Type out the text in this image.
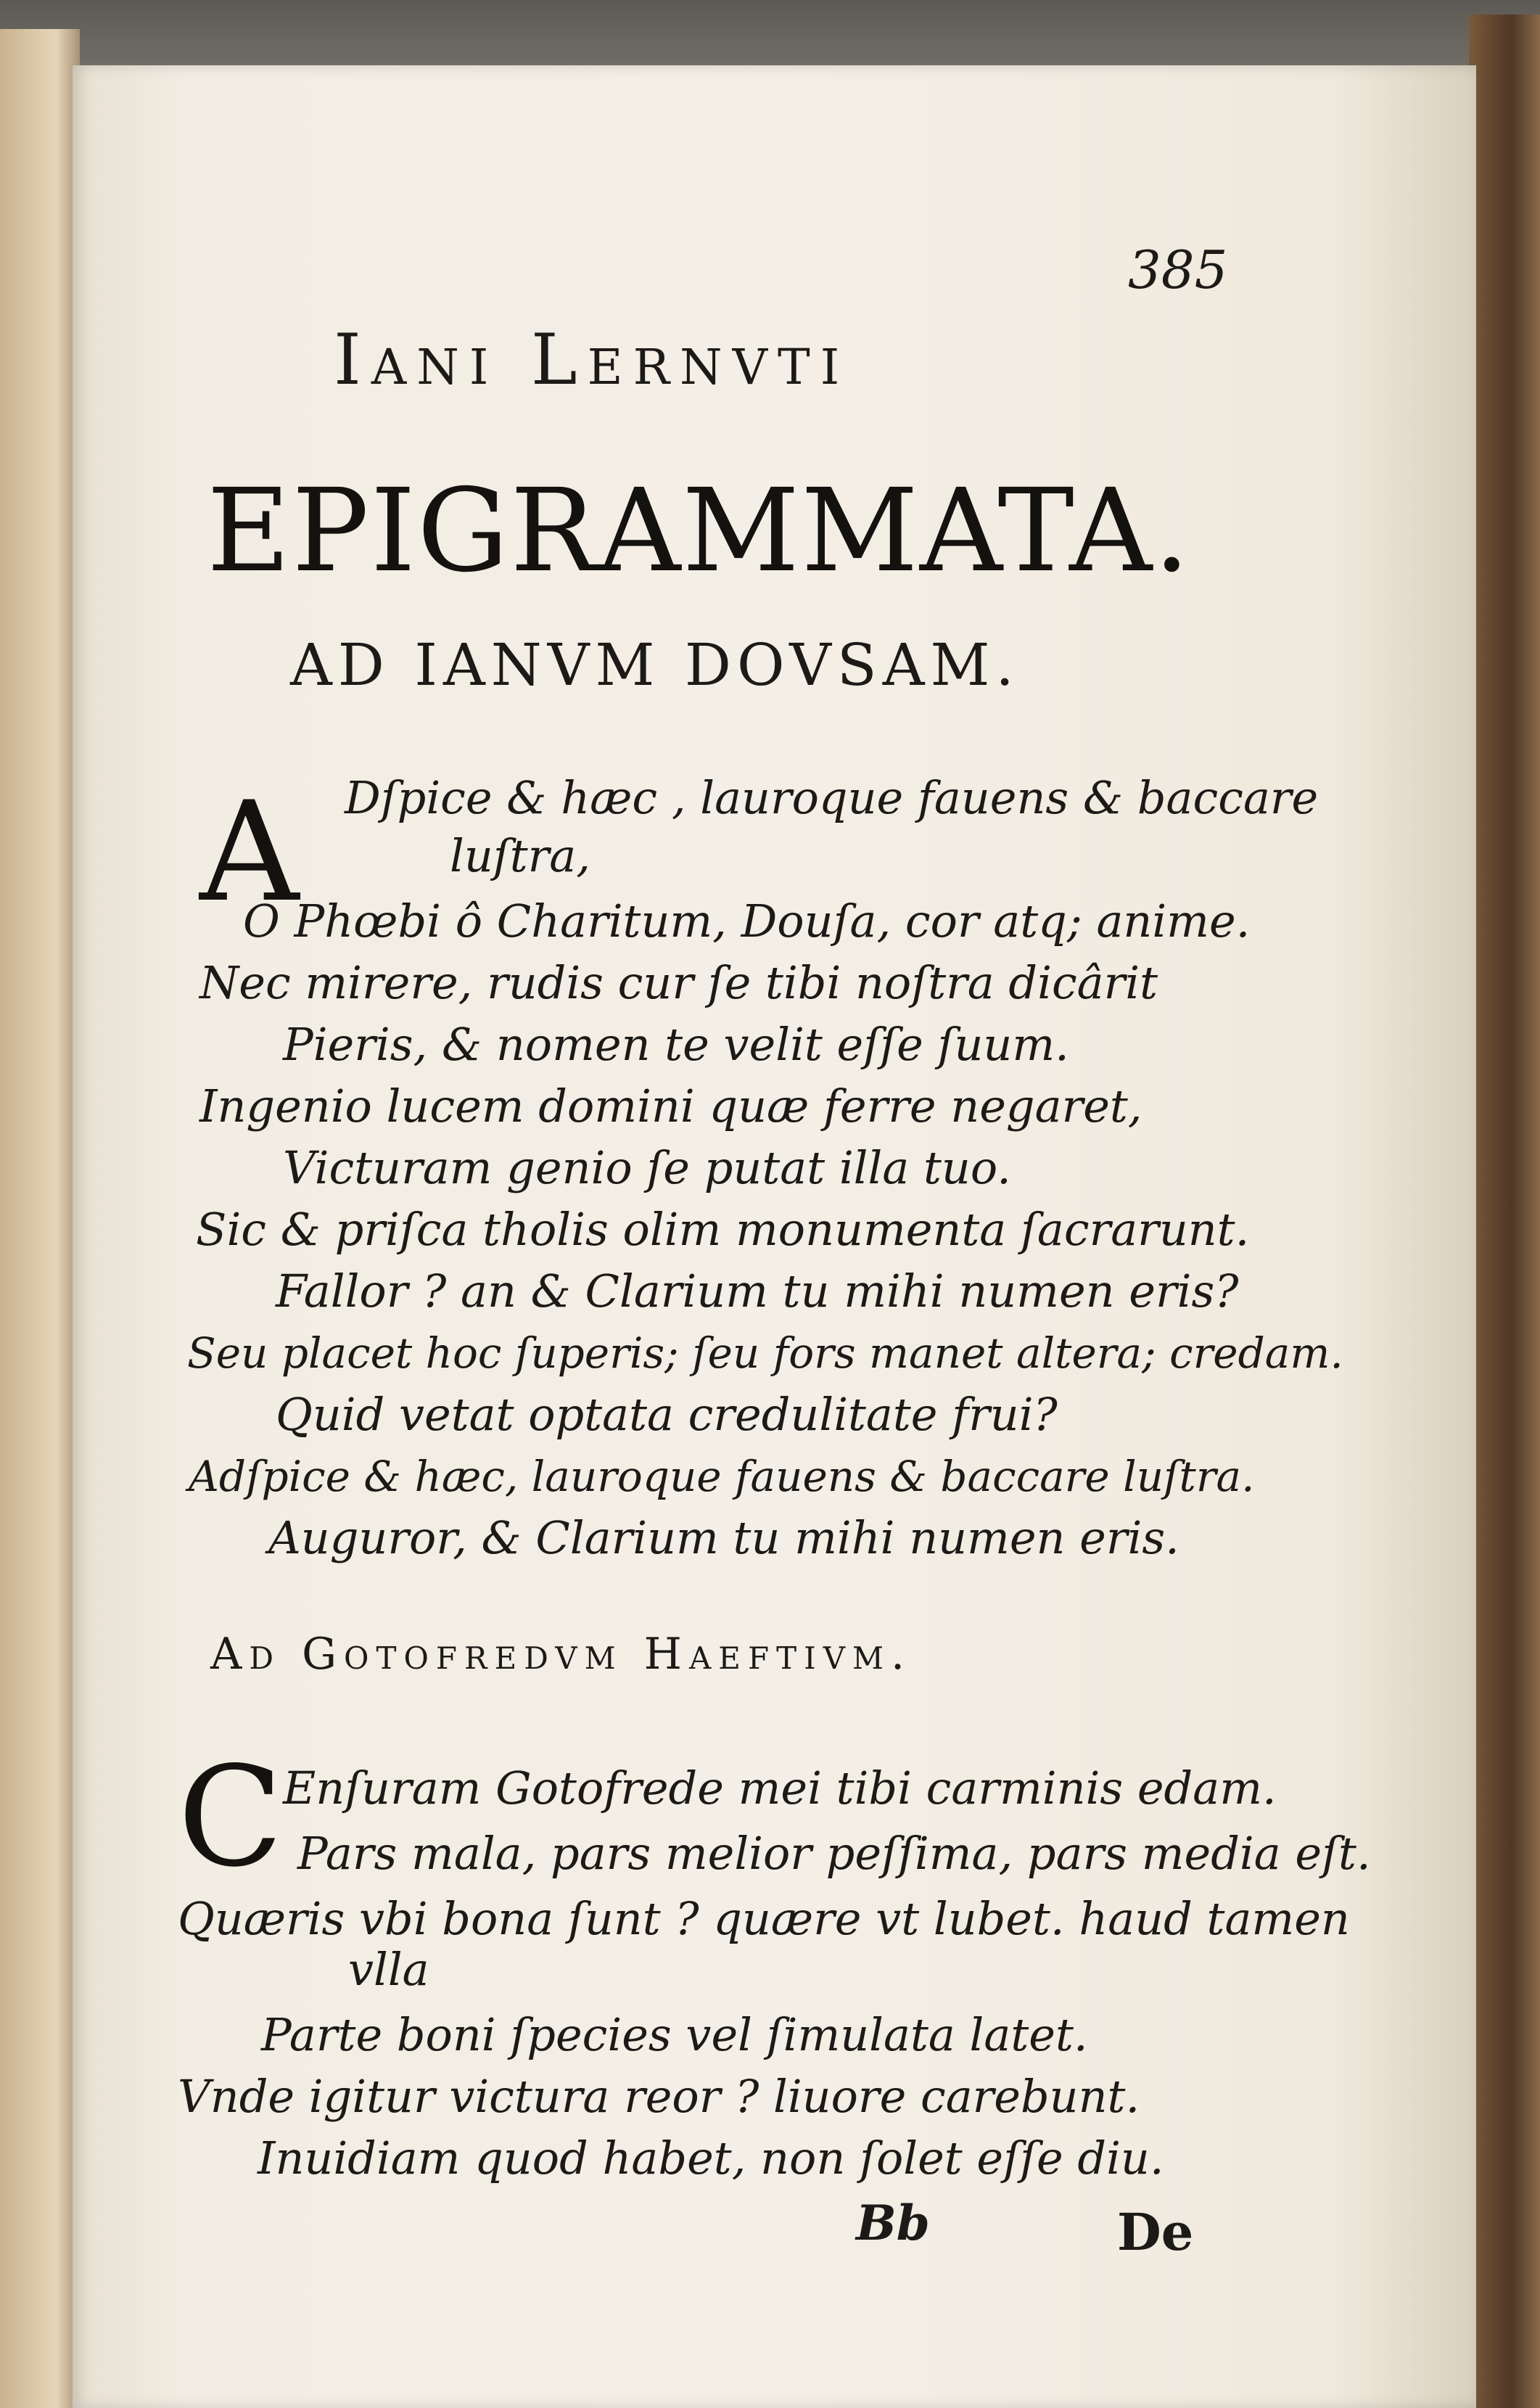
385
Iani Lernvti
EPIGRAMMATA.
AD IANVM DOVSAM.
A Dſpice & hæc , lauroque fauens & baccare
luſtra,
O Phœbi ô Charitum, Douſa, cor atq; anime.
Nec mirere, rudis cur ſe tibi noſtra dicârit
Pieris, & nomen te velit eſſe ſuum.
Ingenio lucem domini quæ ferre negaret,
Victuram genio ſe putat illa tuo.
Sic & priſca tholis olim monumenta ſacrarunt.
Fallor ? an & Clarium tu mihi numen eris?
Seu placet hoc ſuperis; ſeu fors manet altera; credam.
Quid vetat optata credulitate frui?
Adſpice & hæc, lauroque fauens & baccare luſtra.
Auguror, & Clarium tu mihi numen eris.
Ad Gotofredvm Haeftivm.
C Enſuram Gotofrede mei tibi carminis edam.
Pars mala, pars melior peſſima, pars media eſt.
Quæris vbi bona ſunt ? quære vt lubet. haud tamen
vlla
Parte boni ſpecies vel ſimulata latet.
Vnde igitur victura reor ? liuore carebunt.
Inuidiam quod habet, non ſolet eſſe diu.
Bb	De
